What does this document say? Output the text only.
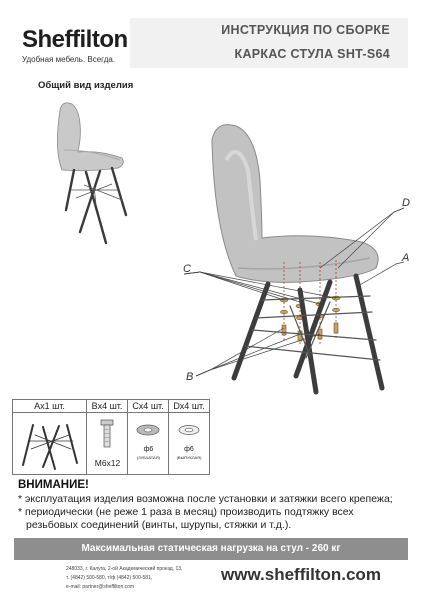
Sheffilton
Удобная мебель. Всегда.
ИНСТРУКЦИЯ ПО СБОРКЕ
КАРКАС СТУЛА SHT-S64
Общий вид изделия
D
A
C
B
Ax1 шт.	Bx4 шт.
M6x12
Cx4 шт.
ф6
(ЗУБЧАТАЯ)
Dx4 шт.
ф6
(ВЫПУКЛАЯ)
ВНИМАНИЕ!
* эксплуатация изделия возможна после установки и затяжки всего крепежа;
* периодически (не реже 1 раза в месяц) производить подтяжку всех
резьбовых соединений (винты, шурупы, стяжки и т.д.).
Максимальная статическая нагрузка на стул - 260 кг
248033, г. Калуга, 2-ой Академический проезд, 13,
т. (4842) 500-580, т/ф (4842) 500-581,
e-mail: partner@sheffilton.com
www.sheffilton.com
